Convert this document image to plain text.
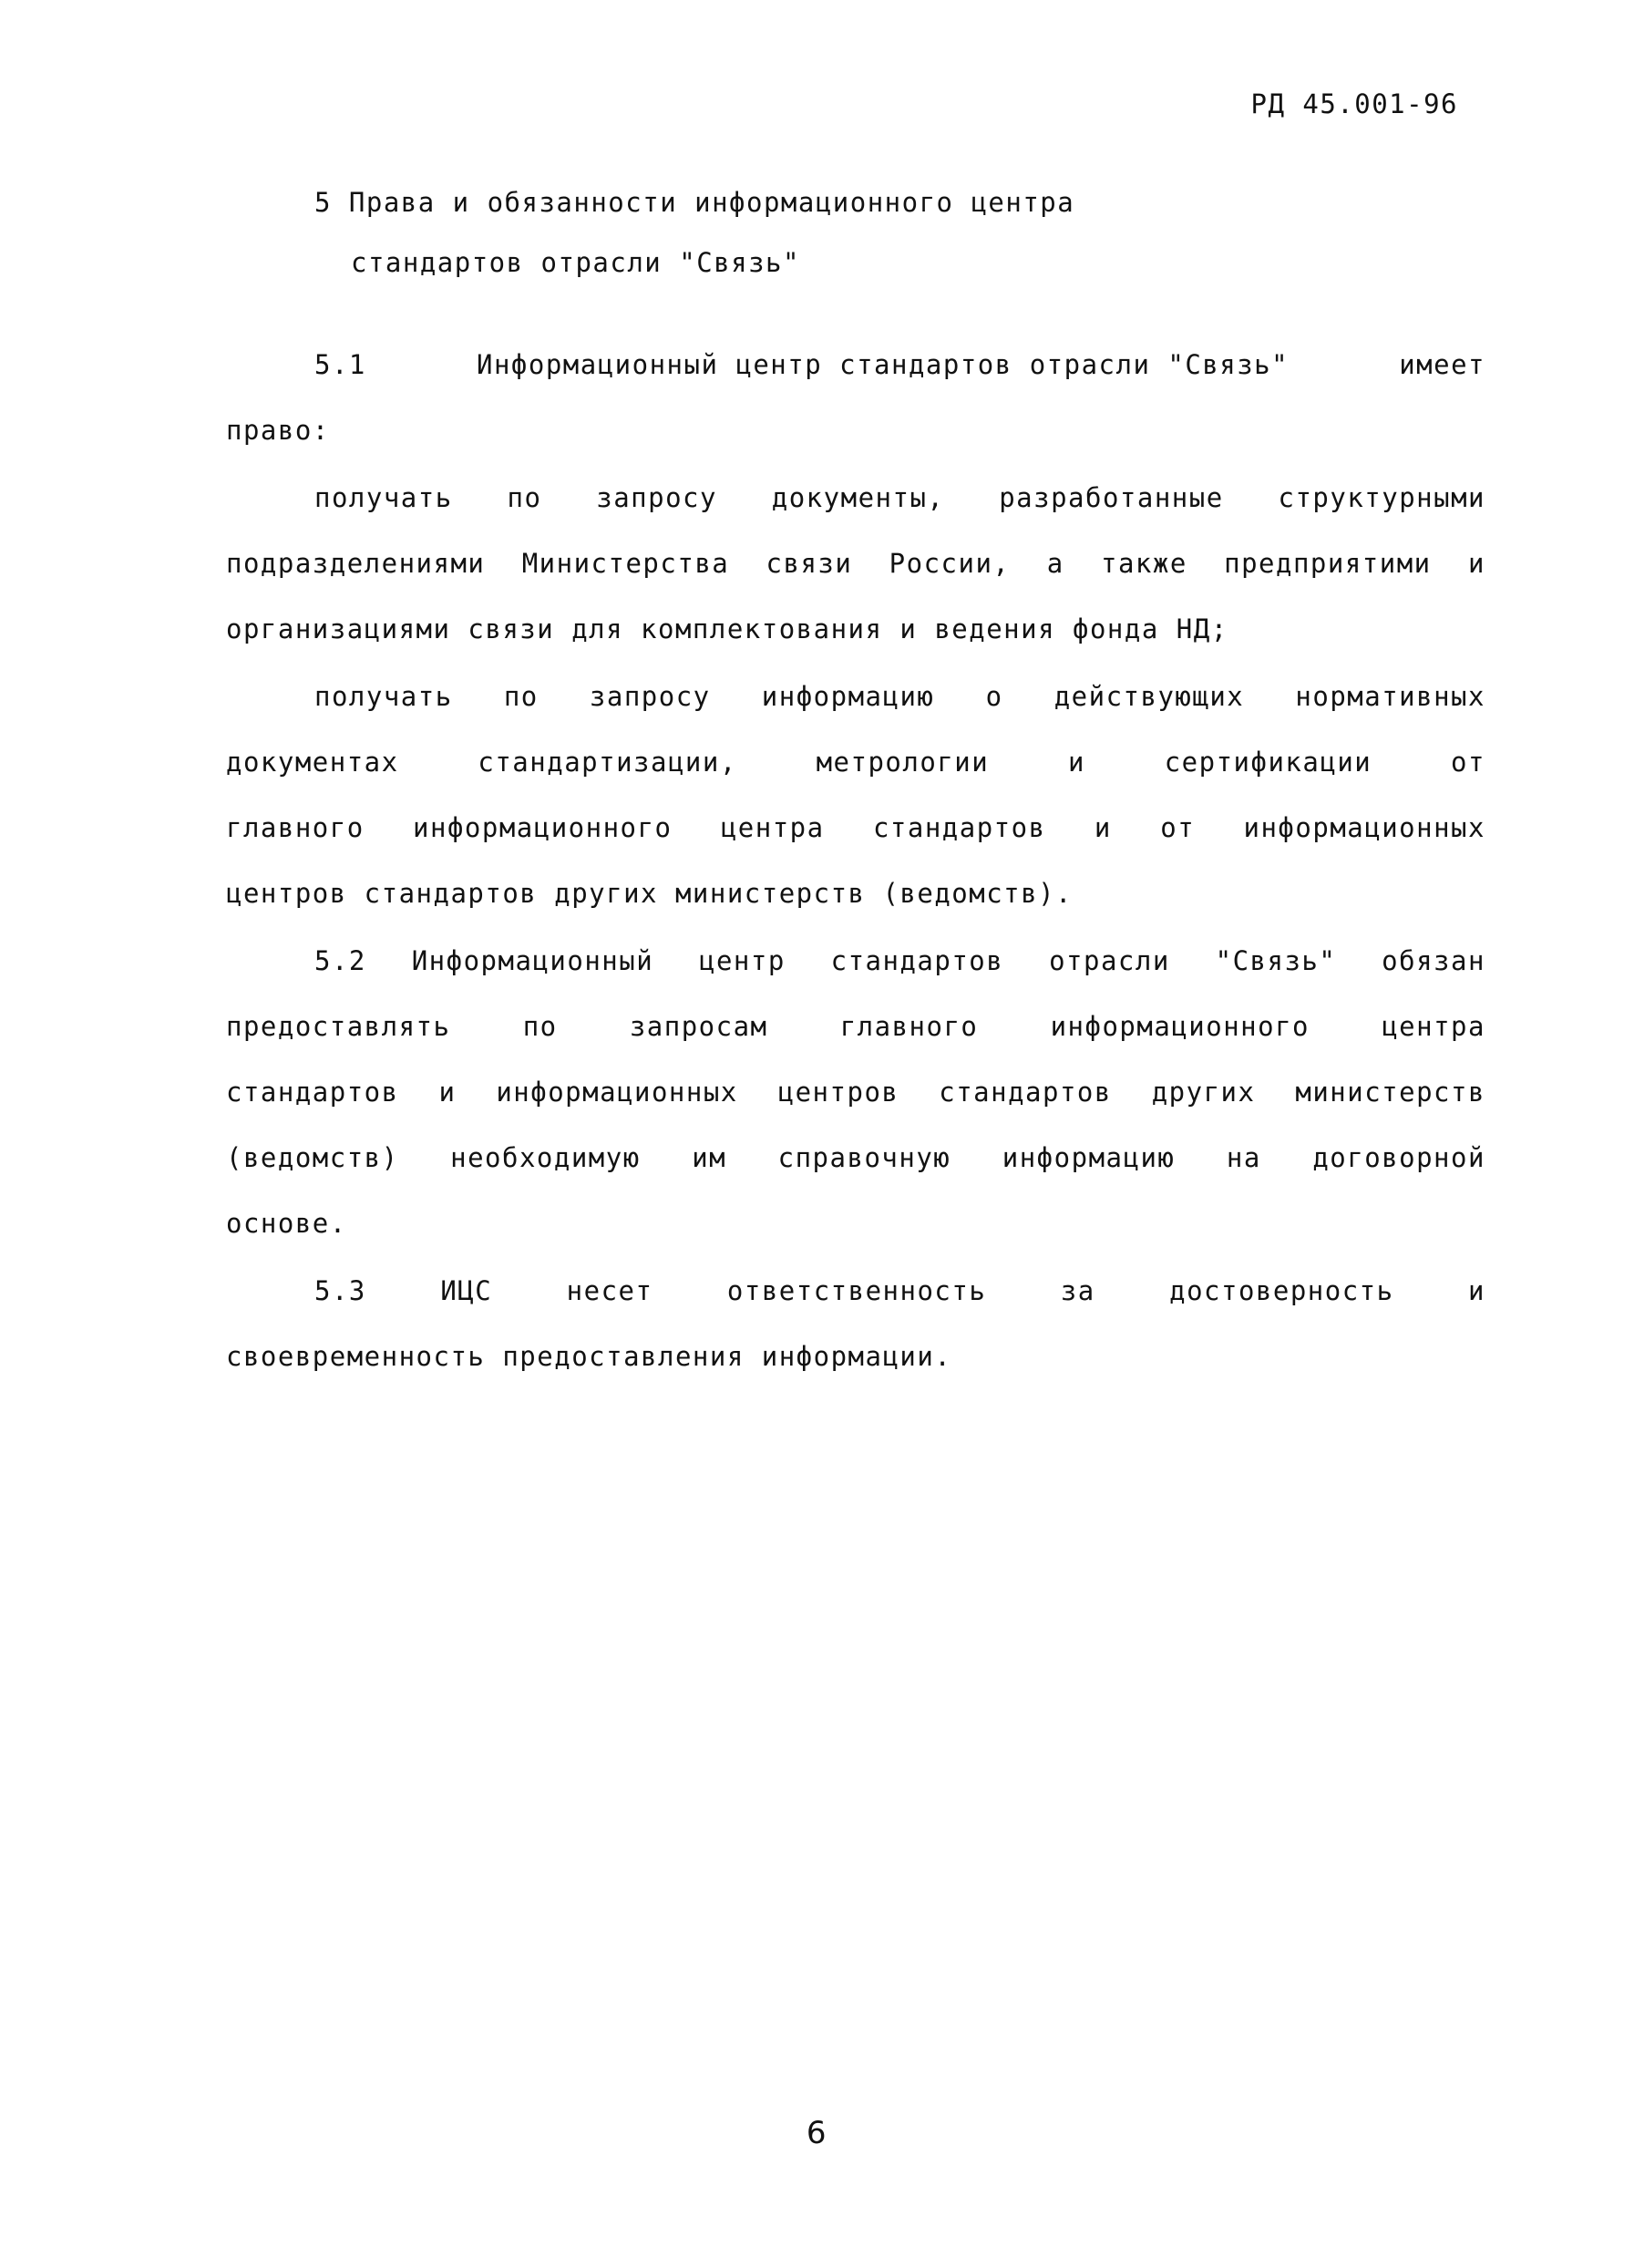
РД 45.001-96
5 Права и обязанности информационного центра
стандартов отрасли "Связь"
5.1	Информационный центр стандартов отрасли "Связь"	имеет
право:
получать по запросу документы, разработанные структурными
подразделениями Министерства связи России, а также предприятими и
организациями связи для комплектования и ведения фонда НД;
получать по запросу информацию о действующих нормативных
документах	стандартизации,	метрологии	и	сертификации	от
главного информационного центра стандартов и от информационных
центров стандартов других министерств (ведомств).
5.2 Информационный центр стандартов отрасли "Связь" обязан
предоставлять	по	запросам	главного	информационного	центра
стандартов и информационных центров стандартов других министерств
(ведомств) необходимую им справочную информацию на договорной
основе.
5.3	ИЦС	несет	ответственность	за	достоверность	и
своевременность предоставления информации.
6
